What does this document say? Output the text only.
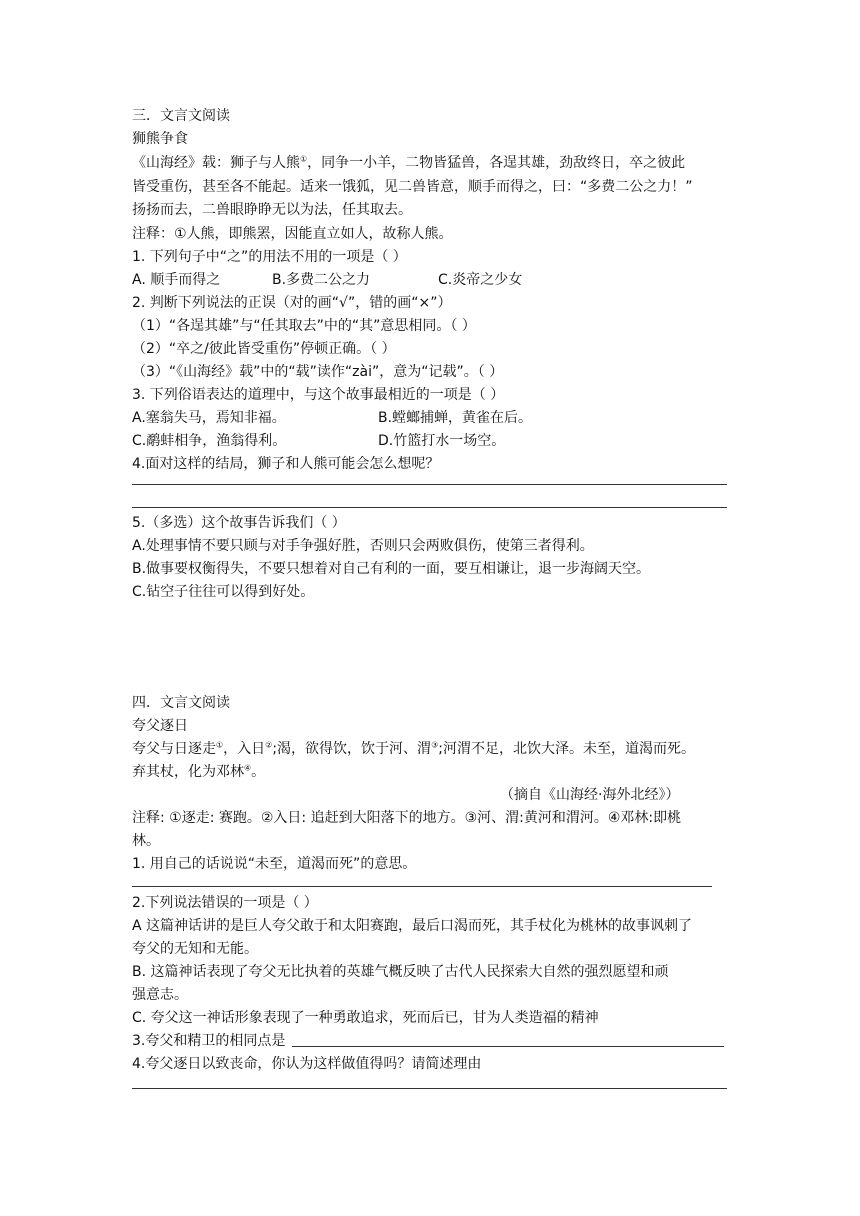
三．文言文阅读
狮熊争食
《山海经》载：狮子与人熊①，同争一小羊，二物皆猛兽，各逞其雄，劲敌终日，卒之彼此
皆受重伤，甚至各不能起。适来一饿狐，见二兽皆意，顺手而得之，曰：“多费二公之力！”
扬扬而去，二兽眼睁睁无以为法，任其取去。
注释：①人熊，即熊罴，因能直立如人，故称人熊。
1. 下列句子中“之”的用法不用的一项是（ ）
A. 顺手而得之	B.多费二公之力	C.炎帝之少女
2. 判断下列说法的正误（对的画“√”，错的画“×”）
（1）“各逞其雄”与“任其取去”中的“其”意思相同。（ ）
（2）“卒之/彼此皆受重伤”停顿正确。（ ）
（3）“《山海经》载”中的“载”读作“zài”，意为“记载”。（ ）
3. 下列俗语表达的道理中，与这个故事最相近的一项是（ ）
A.塞翁失马，焉知非福。	B.螳螂捕蝉，黄雀在后。
C.鹬蚌相争，渔翁得利。	D.竹篮打水一场空。
4.面对这样的结局，狮子和人熊可能会怎么想呢？
5.（多选）这个故事告诉我们（ ）
A.处理事情不要只顾与对手争强好胜，否则只会两败俱伤，使第三者得利。
B.做事要权衡得失，不要只想着对自己有利的一面，要互相谦让，退一步海阔天空。
C.钻空子往往可以得到好处。
四．文言文阅读
夸父逐日
夸父与日逐走①，入日②;渴，欲得饮，饮于河、渭③;河渭不足，北饮大泽。未至，道渴而死。
弃其杖，化为邓林④。
（摘自《山海经·海外北经》）
注释: ①逐走: 赛跑。②入日: 追赶到大阳落下的地方。③河、渭:黄河和渭河。④邓林:即桃
林。
1. 用自己的话说说“未至，道渴而死”的意思。
2.下列说法错误的一项是（ ）
A 这篇神话讲的是巨人夸父敢于和太阳赛跑，最后口渴而死，其手杖化为桃林的故事讽刺了
夸父的无知和无能。
B. 这篇神话表现了夸父无比执着的英雄气概反映了古代人民探索大自然的强烈愿望和顽
强意志。
C. 夸父这一神话形象表现了一种勇敢追求，死而后已，甘为人类造福的精神
3.夸父和精卫的相同点是
4.夸父逐日以致丧命，你认为这样做值得吗？请简述理由
